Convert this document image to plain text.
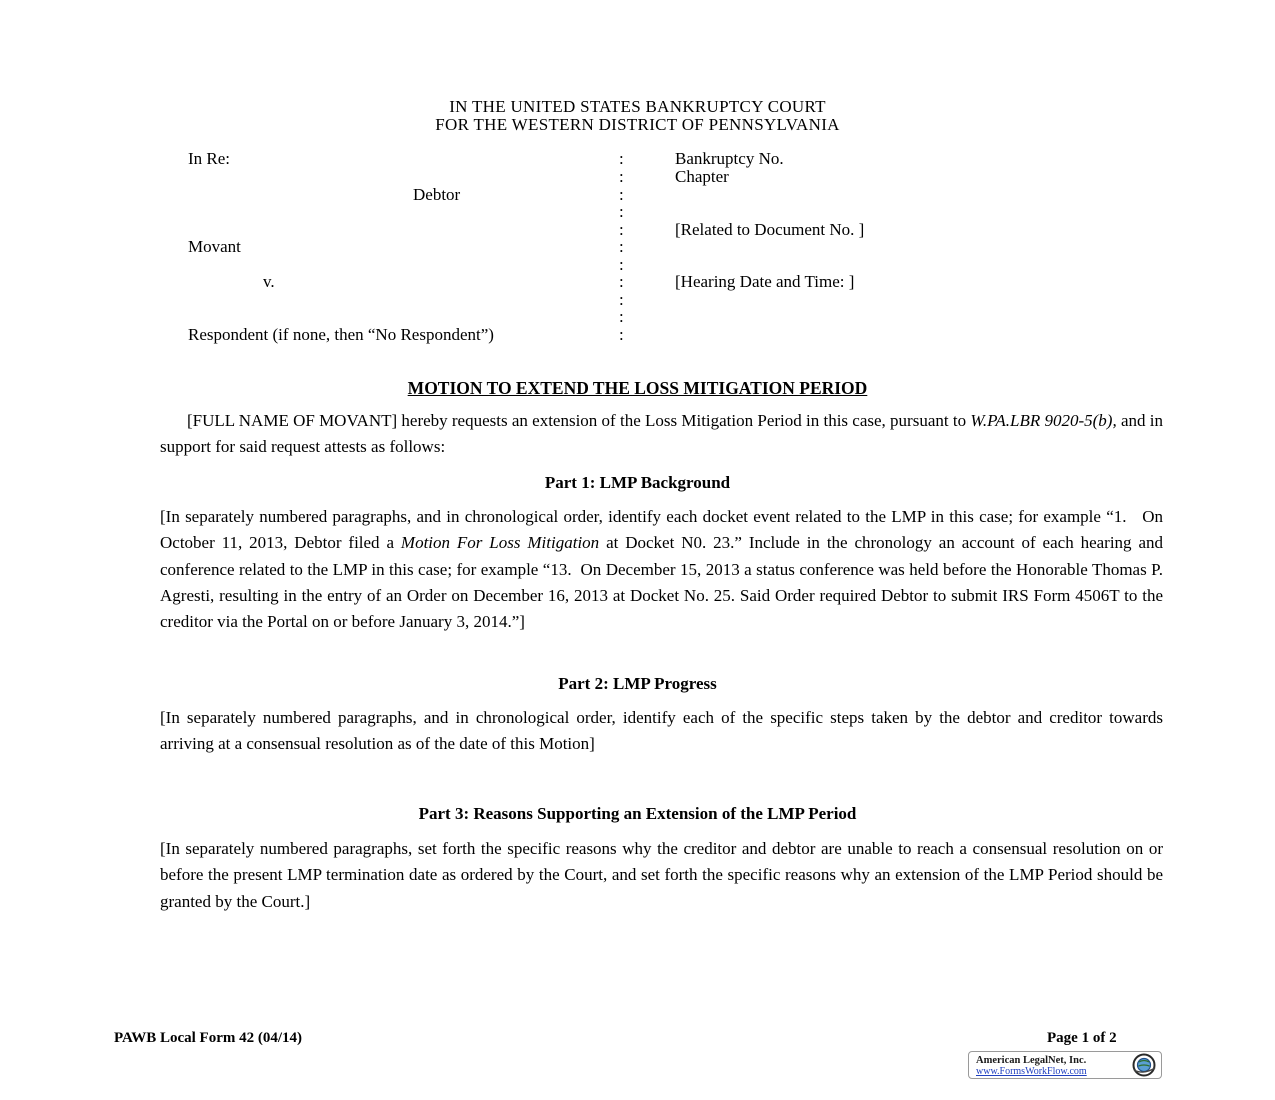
IN THE UNITED STATES BANKRUPTCY COURT
FOR THE WESTERN DISTRICT OF PENNSYLVANIA
In Re:
Debtor
Movant
v.
Respondent (if none, then “No Respondent”)
:
:
:
:
:
:
:
:
:
:
:
Bankruptcy No.
Chapter
[Related to Document No. ]
[Hearing Date and Time: ]
MOTION TO EXTEND THE LOSS MITIGATION PERIOD
[FULL NAME OF MOVANT] hereby requests an extension of the Loss Mitigation Period in this case, pursuant to W.PA.LBR 9020-5(b), and in support for said request attests as follows:
Part 1: LMP Background
[In separately numbered paragraphs, and in chronological order, identify each docket event related to the LMP in this case; for example “1.   On October 11, 2013, Debtor filed a Motion For Loss Mitigation at Docket N0. 23.” Include in the chronology an account of each hearing and conference related to the LMP in this case; for example “13.  On December 15, 2013 a status conference was held before the Honorable Thomas P. Agresti, resulting in the entry of an Order on December 16, 2013 at Docket No. 25. Said Order required Debtor to submit IRS Form 4506T to the creditor via the Portal on or before January 3, 2014.”]
Part 2: LMP Progress
[In separately numbered paragraphs, and in chronological order, identify each of the specific steps taken by the debtor and creditor towards arriving at a consensual resolution as of the date of this Motion]
Part 3: Reasons Supporting an Extension of the LMP Period
[In separately numbered paragraphs, set forth the specific reasons why the creditor and debtor are unable to reach a consensual resolution on or before the present LMP termination date as ordered by the Court, and set forth the specific reasons why an extension of the LMP Period should be granted by the Court.]
PAWB Local Form 42 (04/14)	Page 1 of 2
American LegalNet, Inc.
www.FormsWorkFlow.com
